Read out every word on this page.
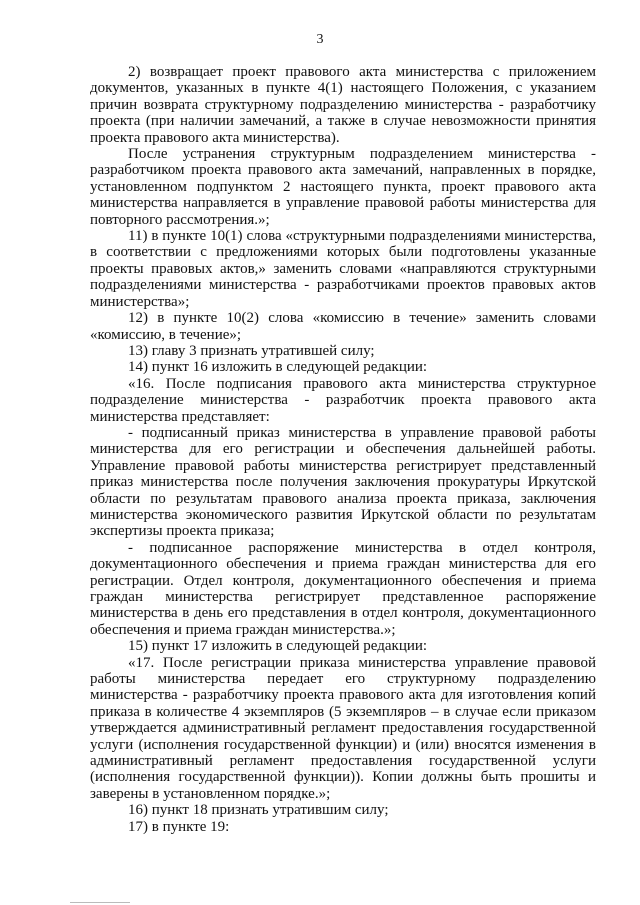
3

2) возвращает проект правового акта министерства с приложением документов, указанных в пункте 4(1) настоящего Положения, с указанием причин возврата структурному подразделению министерства - разработчику проекта (при наличии замечаний, а также в случае невозможности принятия проекта правового акта министерства).

После устранения структурным подразделением министерства - разработчиком проекта правового акта замечаний, направленных в порядке, установленном подпунктом 2 настоящего пункта, проект правового акта министерства направляется в управление правовой работы министерства для повторного рассмотрения.»;

11) в пункте 10(1) слова «структурными подразделениями министерства, в соответствии с предложениями которых были подготовлены указанные проекты правовых актов,» заменить словами «направляются структурными подразделениями министерства - разработчиками проектов правовых актов министерства»;

12) в пункте 10(2) слова «комиссию в течение» заменить словами «комиссию, в течение»;

13) главу 3 признать утратившей силу;

14) пункт 16 изложить в следующей редакции:

«16. После подписания правового акта министерства структурное подразделение министерства - разработчик проекта правового акта министерства представляет:

- подписанный приказ министерства в управление правовой работы министерства для его регистрации и обеспечения дальнейшей работы. Управление правовой работы министерства регистрирует представленный приказ министерства после получения заключения прокуратуры Иркутской области по результатам правового анализа проекта приказа, заключения министерства экономического развития Иркутской области по результатам экспертизы проекта приказа;

- подписанное распоряжение министерства в отдел контроля, документационного обеспечения и приема граждан министерства для его регистрации. Отдел контроля, документационного обеспечения и приема граждан министерства регистрирует представленное распоряжение министерства в день его представления в отдел контроля, документационного обеспечения и приема граждан министерства.»;

15) пункт 17 изложить в следующей редакции:

«17. После регистрации приказа министерства управление правовой работы министерства передает его структурному подразделению министерства - разработчику проекта правового акта для изготовления копий приказа в количестве 4 экземпляров (5 экземпляров – в случае если приказом утверждается административный регламент предоставления государственной услуги (исполнения государственной функции) и (или) вносятся изменения в административный регламент предоставления государственной услуги (исполнения государственной функции)). Копии должны быть прошиты и заверены в установленном порядке.»;

16) пункт 18 признать утратившим силу;

17) в пункте 19:
